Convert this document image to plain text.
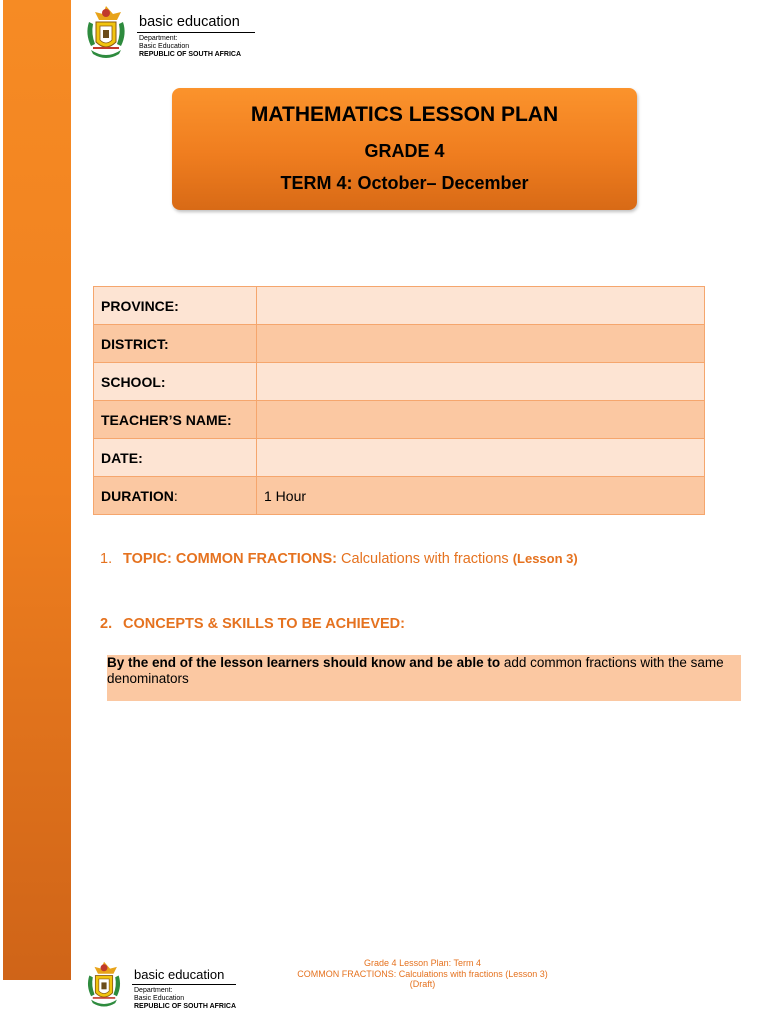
basic education
Department:
Basic Education
REPUBLIC OF SOUTH AFRICA
MATHEMATICS LESSON PLAN
GRADE 4
TERM 4: October– December
PROVINCE:	
DISTRICT:	
SCHOOL:	
TEACHER’S NAME:	
DATE:	
DURATION:	1 Hour
1. TOPIC: COMMON FRACTIONS: Calculations with fractions (Lesson 3)
2. CONCEPTS & SKILLS TO BE ACHIEVED:

By the end of the lesson learners should know and be able to add common fractions with the same denominators

basic education
Department:
Basic Education
REPUBLIC OF SOUTH AFRICA
Grade 4 Lesson Plan: Term 4
COMMON FRACTIONS: Calculations with fractions (Lesson 3)
(Draft)
